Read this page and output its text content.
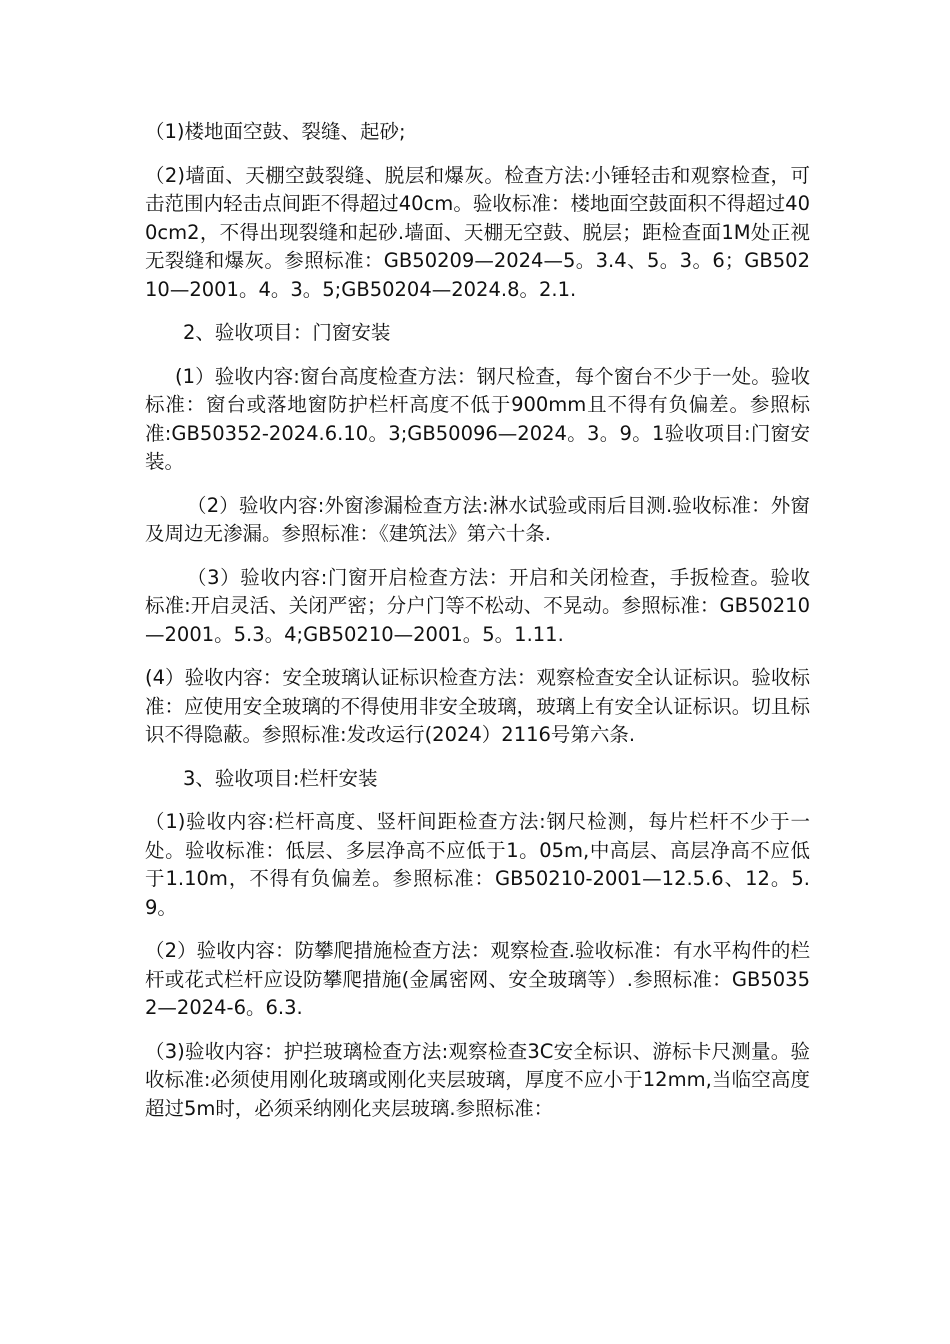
（1)楼地面空鼓、裂缝、起砂;

（2)墙面、天棚空鼓裂缝、脱层和爆灰。检查方法:小锤轻击和观察检查，可击范围内轻击点间距不得超过40cm。验收标准：楼地面空鼓面积不得超过400cm2，不得出现裂缝和起砂.墙面、天棚无空鼓、脱层；距检查面1M处正视无裂缝和爆灰。参照标准：GB50209—2024—5。3.4、5。3。6；GB50210—2001。4。3。5;GB50204—2024.8。2.1.

2、验收项目：门窗安装

(1）验收内容:窗台高度检查方法：钢尺检查，每个窗台不少于一处。验收标准：窗台或落地窗防护栏杆高度不低于900mm且不得有负偏差。参照标准:GB50352-2024.6.10。3;GB50096—2024。3。9。1验收项目:门窗安装。

（2）验收内容:外窗渗漏检查方法:淋水试验或雨后目测.验收标准：外窗及周边无渗漏。参照标准：《建筑法》第六十条.

（3）验收内容:门窗开启检查方法：开启和关闭检查，手扳检查。验收标准:开启灵活、关闭严密；分户门等不松动、不晃动。参照标准：GB50210—2001。5.3。4;GB50210—2001。5。1.11.

(4）验收内容：安全玻璃认证标识检查方法：观察检查安全认证标识。验收标准：应使用安全玻璃的不得使用非安全玻璃，玻璃上有安全认证标识。切且标识不得隐蔽。参照标准:发改运行(2024）2116号第六条.

3、验收项目:栏杆安装

（1)验收内容:栏杆高度、竖杆间距检查方法:钢尺检测，每片栏杆不少于一处。验收标准：低层、多层净高不应低于1。05m,中高层、高层净高不应低于1.10m，不得有负偏差。参照标准：GB50210-2001—12.5.6、12。5.9。

（2）验收内容：防攀爬措施检查方法：观察检查.验收标准：有水平构件的栏杆或花式栏杆应设防攀爬措施(金属密网、安全玻璃等）.参照标准：GB50352—2024-6。6.3.

（3)验收内容：护拦玻璃检查方法:观察检查3C安全标识、游标卡尺测量。验收标准:必须使用刚化玻璃或刚化夹层玻璃，厚度不应小于12mm,当临空高度超过5m时，必须采纳刚化夹层玻璃.参照标准：
